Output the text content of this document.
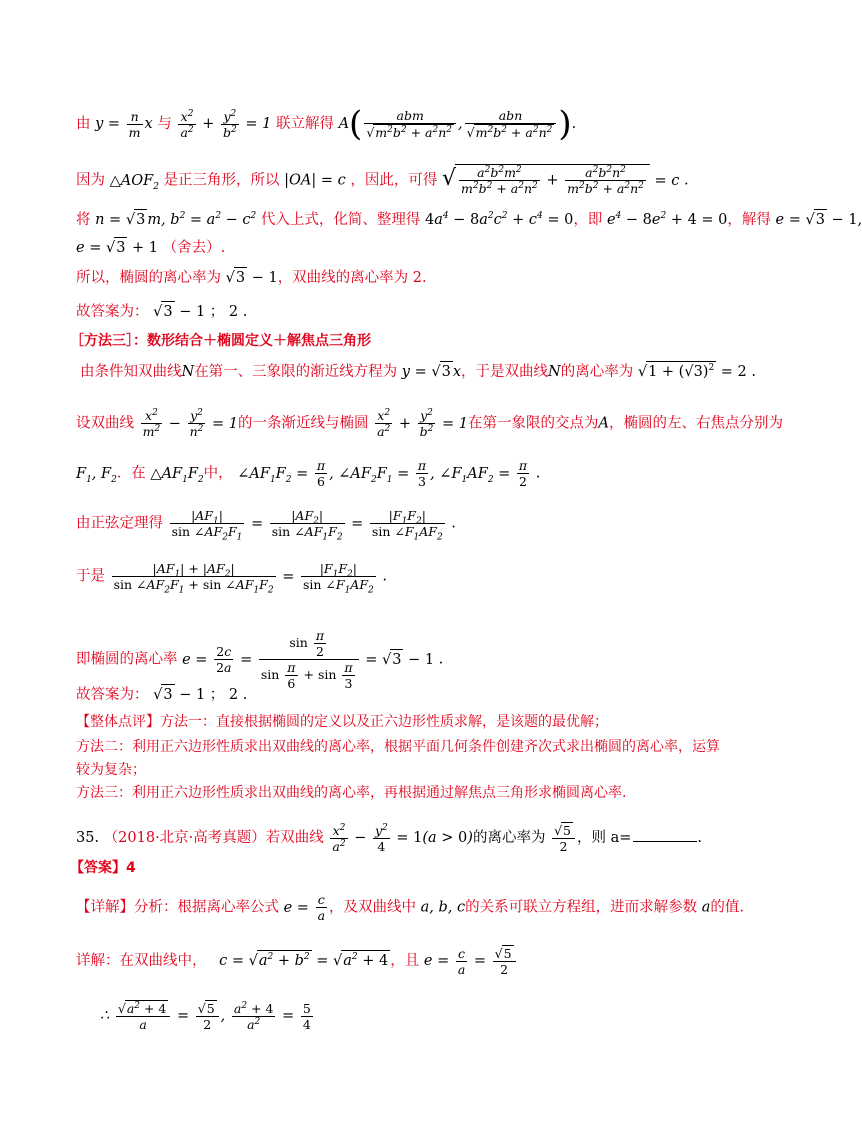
由 $y = \frac{n}{m}$ x 与 $\frac{x^2}{a^2} + \frac{y^2}{b^2} = 1$ 联立解得 $A( \frac{\text{abm}}{√m^2b^2 + a^2n^2}$ , $\frac{\text{abn}}{√m^2b^2 + a^2n^2}$ ).
因为 $\triangle AOF_2$ 是正三角形，所以 |OA| = c ，因此，可得 √ $\frac{a^2b^2m^2}{m^2b^2 + a^2n^2} + \frac{a^2b^2n^2}{m^2b^2 + a^2n^2} = c$ .
将 n = √3 m, $b^2 = a^2 - c^2$ 代入上式，化简、整理得 $4a^4 - 8a^2c^2 + c^4 = 0$，即 $e^4 - 8e^2 + 4 = 0$，解得 e = √3 − 1,
e = √3 + 1 （舍去）.
所以，椭圆的离心率为 √3 − 1，双曲线的离心率为 2.
故答案为： √3 − 1 ； 2 .
［方法三］：数形结合＋椭圆定义＋解焦点三角形
由条件知双曲线N在第一、三象限的渐近线方程为 y = √3 x，于是双曲线N的离心率为 $√1 + (√3)^2 = 2$ .
设双曲线 $\frac{x^2}{m^2} - \frac{y^2}{n^2} = 1$的一条渐近线与椭圆 $\frac{x^2}{a^2} + \frac{y^2}{b^2} = 1$在第一象限的交点为A，椭圆的左、右焦点分别为
$F_1$, $F_2$．在 $\triangle AF_1F_2$中， $\angle AF_1F_2 = \frac{\pi}{6}$ , $\angle AF_2F_1 = \frac{\pi}{3}$ , $\angle F_1AF_2 = \frac{\pi}{2}$ .
由正弦定理得 $\frac{|AF_1|}{\sin \angle AF_2F_1} = \frac{|AF_2|}{\sin \angle AF_1F_2} = \frac{|F_1F_2|}{\sin \angle F_1AF_2}$ .
于是 $\frac{|AF_1| + |AF_2|}{\sin \angle AF_2F_1 + \sin \angle AF_1F_2} = \frac{|F_1F_2|}{\sin \angle F_1AF_2}$ .
即椭圆的离心率 $e = \frac{2c}{2a} = \frac{\sin \frac{\pi}{2}}{\sin \frac{\pi}{6} + \sin \frac{\pi}{3}} = √3 - 1$ .
故答案为： √3 − 1 ； 2 .
【整体点评】方法一：直接根据椭圆的定义以及正六边形性质求解，是该题的最优解；
方法二：利用正六边形性质求出双曲线的离心率，根据平面几何条件创建齐次式求出椭圆的离心率，运算
较为复杂；
方法三：利用正六边形性质求出双曲线的离心率，再根据通过解焦点三角形求椭圆离心率.
35. （2018·北京·高考真题）若双曲线 $\frac{x^2}{a^2} - \frac{y^2}{4} = 1(a > 0)$的离心率为 $\frac{√5}{2}$ ，则 a=	.
【答案】4
【详解】分析：根据离心率公式 $e = \frac{c}{a}$ ，及双曲线中 a, b, c的关系可联立方程组，进而求解参数 a的值.
详解：在双曲线中， $c = √a^2 + b^2 = √a^2 + 4$ ，且 $e = \frac{c}{a} = \frac{√5}{2}$
∴ $\frac{√a^2 + 4}{a} = \frac{√5}{2}$ , $\frac{a^2 + 4}{a^2} = \frac{5}{4}$
